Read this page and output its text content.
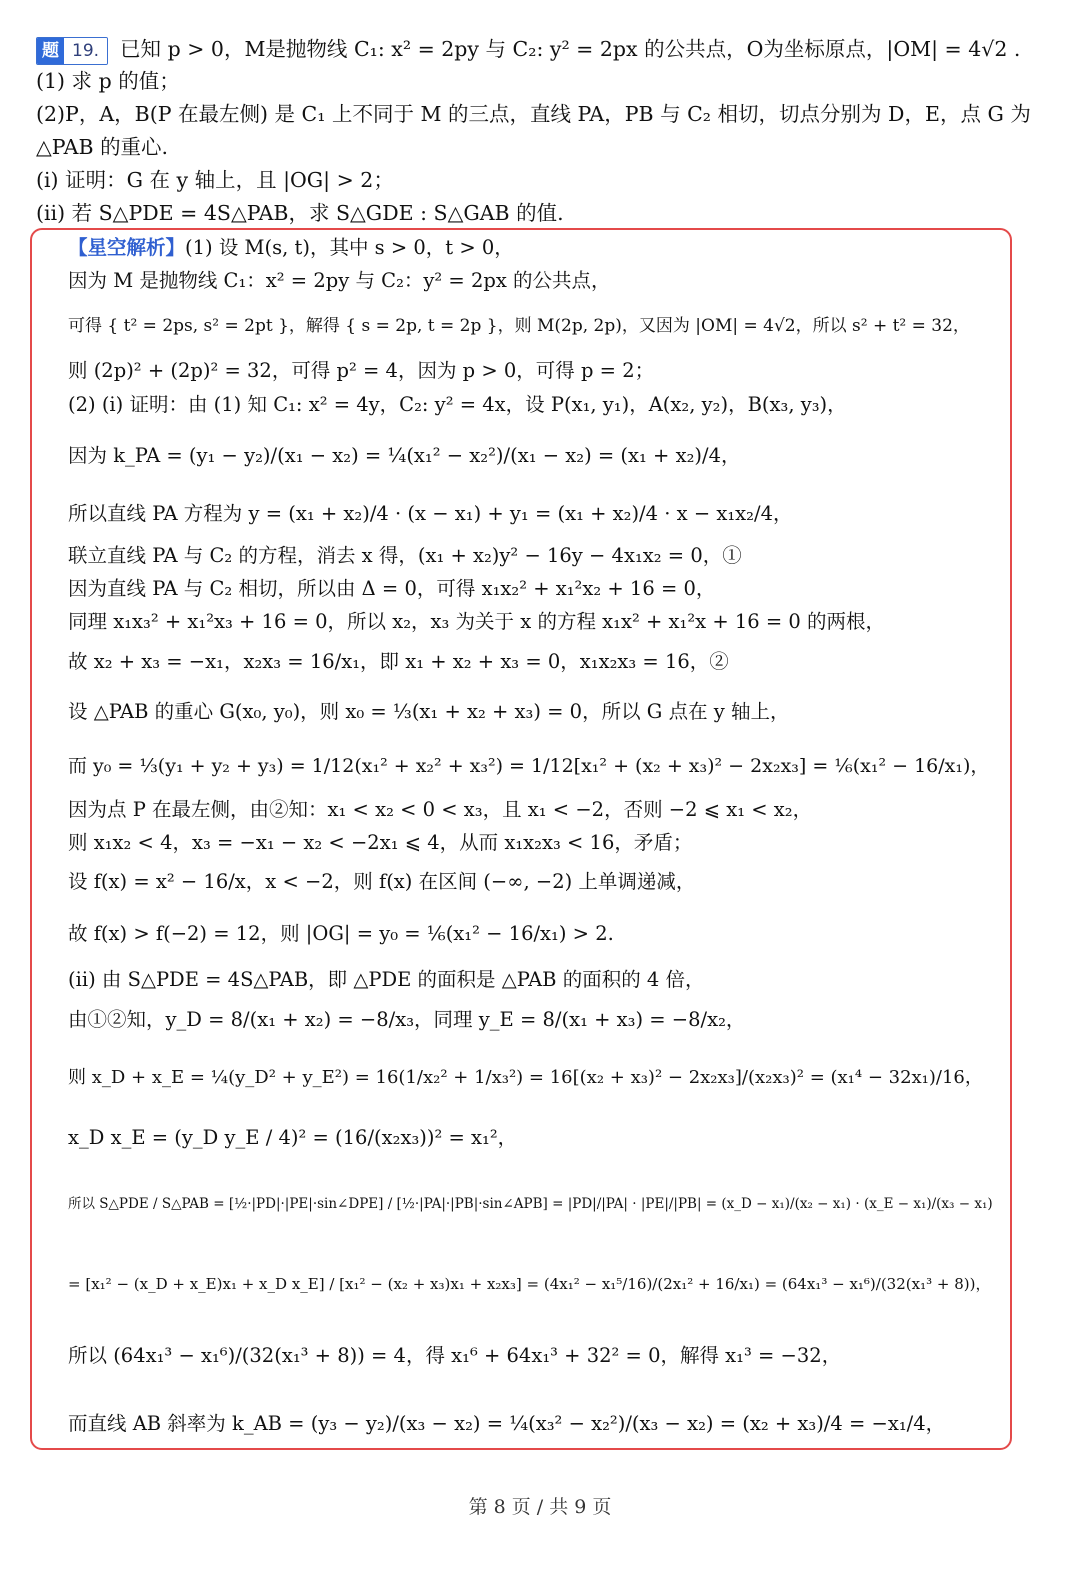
题 19. 已知 p > 0，M是抛物线 C₁: x² = 2py 与 C₂: y² = 2px 的公共点，O为坐标原点，|OM| = 4√2 .
(1) 求 p 的值；
(2)P，A，B(P 在最左侧) 是 C₁ 上不同于 M 的三点，直线 PA，PB 与 C₂ 相切，切点分别为 D，E，点 G 为
△PAB 的重心.
(ⅰ) 证明：G 在 y 轴上，且 |OG| > 2；
(ⅱ) 若 S△PDE = 4S△PAB，求 S△GDE : S△GAB 的值.
【星空解析】(1) 设 M(s, t)，其中 s > 0，t > 0，
因为 M 是抛物线 C₁：x² = 2py 与 C₂：y² = 2px 的公共点，
可得 { t² = 2ps, s² = 2pt }，解得 { s = 2p, t = 2p }，则 M(2p, 2p)，又因为 |OM| = 4√2，所以 s² + t² = 32，
则 (2p)² + (2p)² = 32，可得 p² = 4，因为 p > 0，可得 p = 2；
(2) (ⅰ) 证明：由 (1) 知 C₁: x² = 4y，C₂: y² = 4x，设 P(x₁, y₁)，A(x₂, y₂)，B(x₃, y₃)，
因为 k_PA = (y₁ − y₂)/(x₁ − x₂) = ¼(x₁² − x₂²)/(x₁ − x₂) = (x₁ + x₂)/4，
所以直线 PA 方程为 y = (x₁ + x₂)/4 · (x − x₁) + y₁ = (x₁ + x₂)/4 · x − x₁x₂/4，
联立直线 PA 与 C₂ 的方程，消去 x 得，(x₁ + x₂)y² − 16y − 4x₁x₂ = 0，①
因为直线 PA 与 C₂ 相切，所以由 Δ = 0，可得 x₁x₂² + x₁²x₂ + 16 = 0，
同理 x₁x₃² + x₁²x₃ + 16 = 0，所以 x₂，x₃ 为关于 x 的方程 x₁x² + x₁²x + 16 = 0 的两根，
故 x₂ + x₃ = −x₁，x₂x₃ = 16/x₁，即 x₁ + x₂ + x₃ = 0，x₁x₂x₃ = 16，②
设 △PAB 的重心 G(x₀, y₀)，则 x₀ = ⅓(x₁ + x₂ + x₃) = 0，所以 G 点在 y 轴上，
而 y₀ = ⅓(y₁ + y₂ + y₃) = 1/12(x₁² + x₂² + x₃²) = 1/12[x₁² + (x₂ + x₃)² − 2x₂x₃] = ⅙(x₁² − 16/x₁)，
因为点 P 在最左侧，由②知：x₁ < x₂ < 0 < x₃，且 x₁ < −2，否则 −2 ⩽ x₁ < x₂，
则 x₁x₂ < 4，x₃ = −x₁ − x₂ < −2x₁ ⩽ 4，从而 x₁x₂x₃ < 16，矛盾；
设 f(x) = x² − 16/x，x < −2，则 f(x) 在区间 (−∞, −2) 上单调递减，
故 f(x) > f(−2) = 12，则 |OG| = y₀ = ⅙(x₁² − 16/x₁) > 2.
(ⅱ) 由 S△PDE = 4S△PAB，即 △PDE 的面积是 △PAB 的面积的 4 倍，
由①②知，y_D = 8/(x₁ + x₂) = −8/x₃，同理 y_E = 8/(x₁ + x₃) = −8/x₂，
则 x_D + x_E = ¼(y_D² + y_E²) = 16(1/x₂² + 1/x₃²) = 16[(x₂ + x₃)² − 2x₂x₃]/(x₂x₃)² = (x₁⁴ − 32x₁)/16，
x_D x_E = (y_D y_E / 4)² = (16/(x₂x₃))² = x₁²，
所以 S△PDE / S△PAB = [½·|PD|·|PE|·sin∠DPE] / [½·|PA|·|PB|·sin∠APB] = |PD|/|PA| · |PE|/|PB| = (x_D − x₁)/(x₂ − x₁) · (x_E − x₁)/(x₃ − x₁)
= [x₁² − (x_D + x_E)x₁ + x_D x_E] / [x₁² − (x₂ + x₃)x₁ + x₂x₃] = (4x₁² − x₁⁵/16)/(2x₁² + 16/x₁) = (64x₁³ − x₁⁶)/(32(x₁³ + 8))，
所以 (64x₁³ − x₁⁶)/(32(x₁³ + 8)) = 4，得 x₁⁶ + 64x₁³ + 32² = 0，解得 x₁³ = −32，
而直线 AB 斜率为 k_AB = (y₃ − y₂)/(x₃ − x₂) = ¼(x₃² − x₂²)/(x₃ − x₂) = (x₂ + x₃)/4 = −x₁/4，
第 8 页 / 共 9 页
